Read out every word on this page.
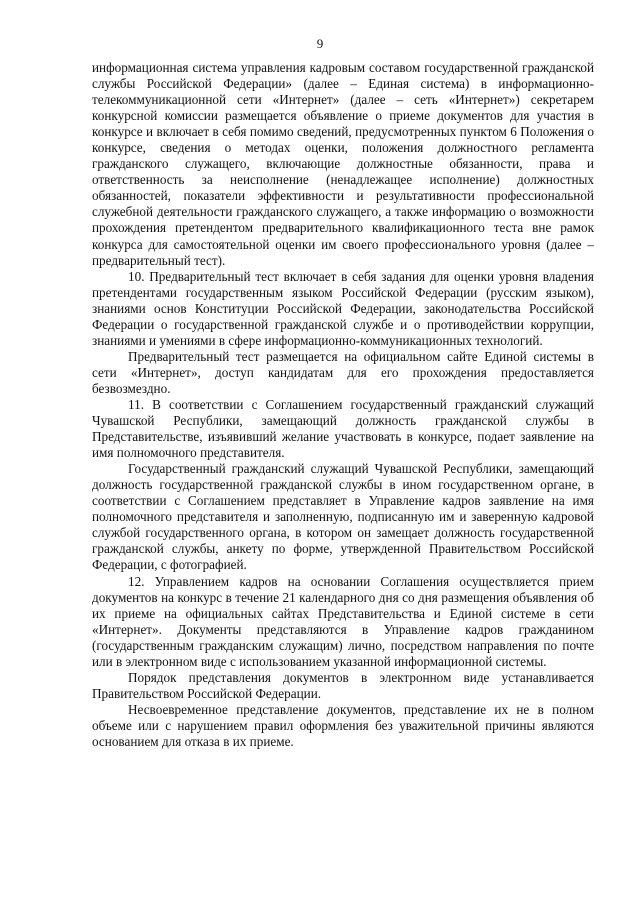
9

информационная система управления кадровым составом государственной гражданской службы Российской Федерации» (далее – Единая система) в информационно-телекоммуникационной сети «Интернет» (далее – сеть «Интернет») секретарем конкурсной комиссии размещается объявление о приеме документов для участия в конкурсе и включает в себя помимо сведений, предусмотренных пунктом 6 Положения о конкурсе, сведения о методах оценки, положения должностного регламента гражданского служащего, включающие должностные обязанности, права и ответственность за неисполнение (ненадлежащее исполнение) должностных обязанностей, показатели эффективности и результативности профессиональной служебной деятельности гражданского служащего, а также информацию о возможности прохождения претендентом предварительного квалификационного теста вне рамок конкурса для самостоятельной оценки им своего профессионального уровня (далее – предварительный тест).

10. Предварительный тест включает в себя задания для оценки уровня владения претендентами государственным языком Российской Федерации (русским языком), знаниями основ Конституции Российской Федерации, законодательства Российской Федерации о государственной гражданской службе и о противодействии коррупции, знаниями и умениями в сфере информационно-коммуникационных технологий.

Предварительный тест размещается на официальном сайте Единой системы в сети «Интернет», доступ кандидатам для его прохождения предоставляется безвозмездно.

11. В соответствии с Соглашением государственный гражданский служащий Чувашской Республики, замещающий должность гражданской службы в Представительстве, изъявивший желание участвовать в конкурсе, подает заявление на имя полномочного представителя.

Государственный гражданский служащий Чувашской Республики, замещающий должность государственной гражданской службы в ином государственном органе, в соответствии с Соглашением представляет в Управление кадров заявление на имя полномочного представителя и заполненную, подписанную им и заверенную кадровой службой государственного органа, в котором он замещает должность государственной гражданской службы, анкету по форме, утвержденной Правительством Российской Федерации, с фотографией.

12. Управлением кадров на основании Соглашения осуществляется прием документов на конкурс в течение 21 календарного дня со дня размещения объявления об их приеме на официальных сайтах Представительства и Единой системе в сети «Интернет». Документы представляются в Управление кадров гражданином (государственным гражданским служащим) лично, посредством направления по почте или в электронном виде с использованием указанной информационной системы.

Порядок представления документов в электронном виде устанавливается Правительством Российской Федерации.

Несвоевременное представление документов, представление их не в полном объеме или с нарушением правил оформления без уважительной причины являются основанием для отказа в их приеме.
